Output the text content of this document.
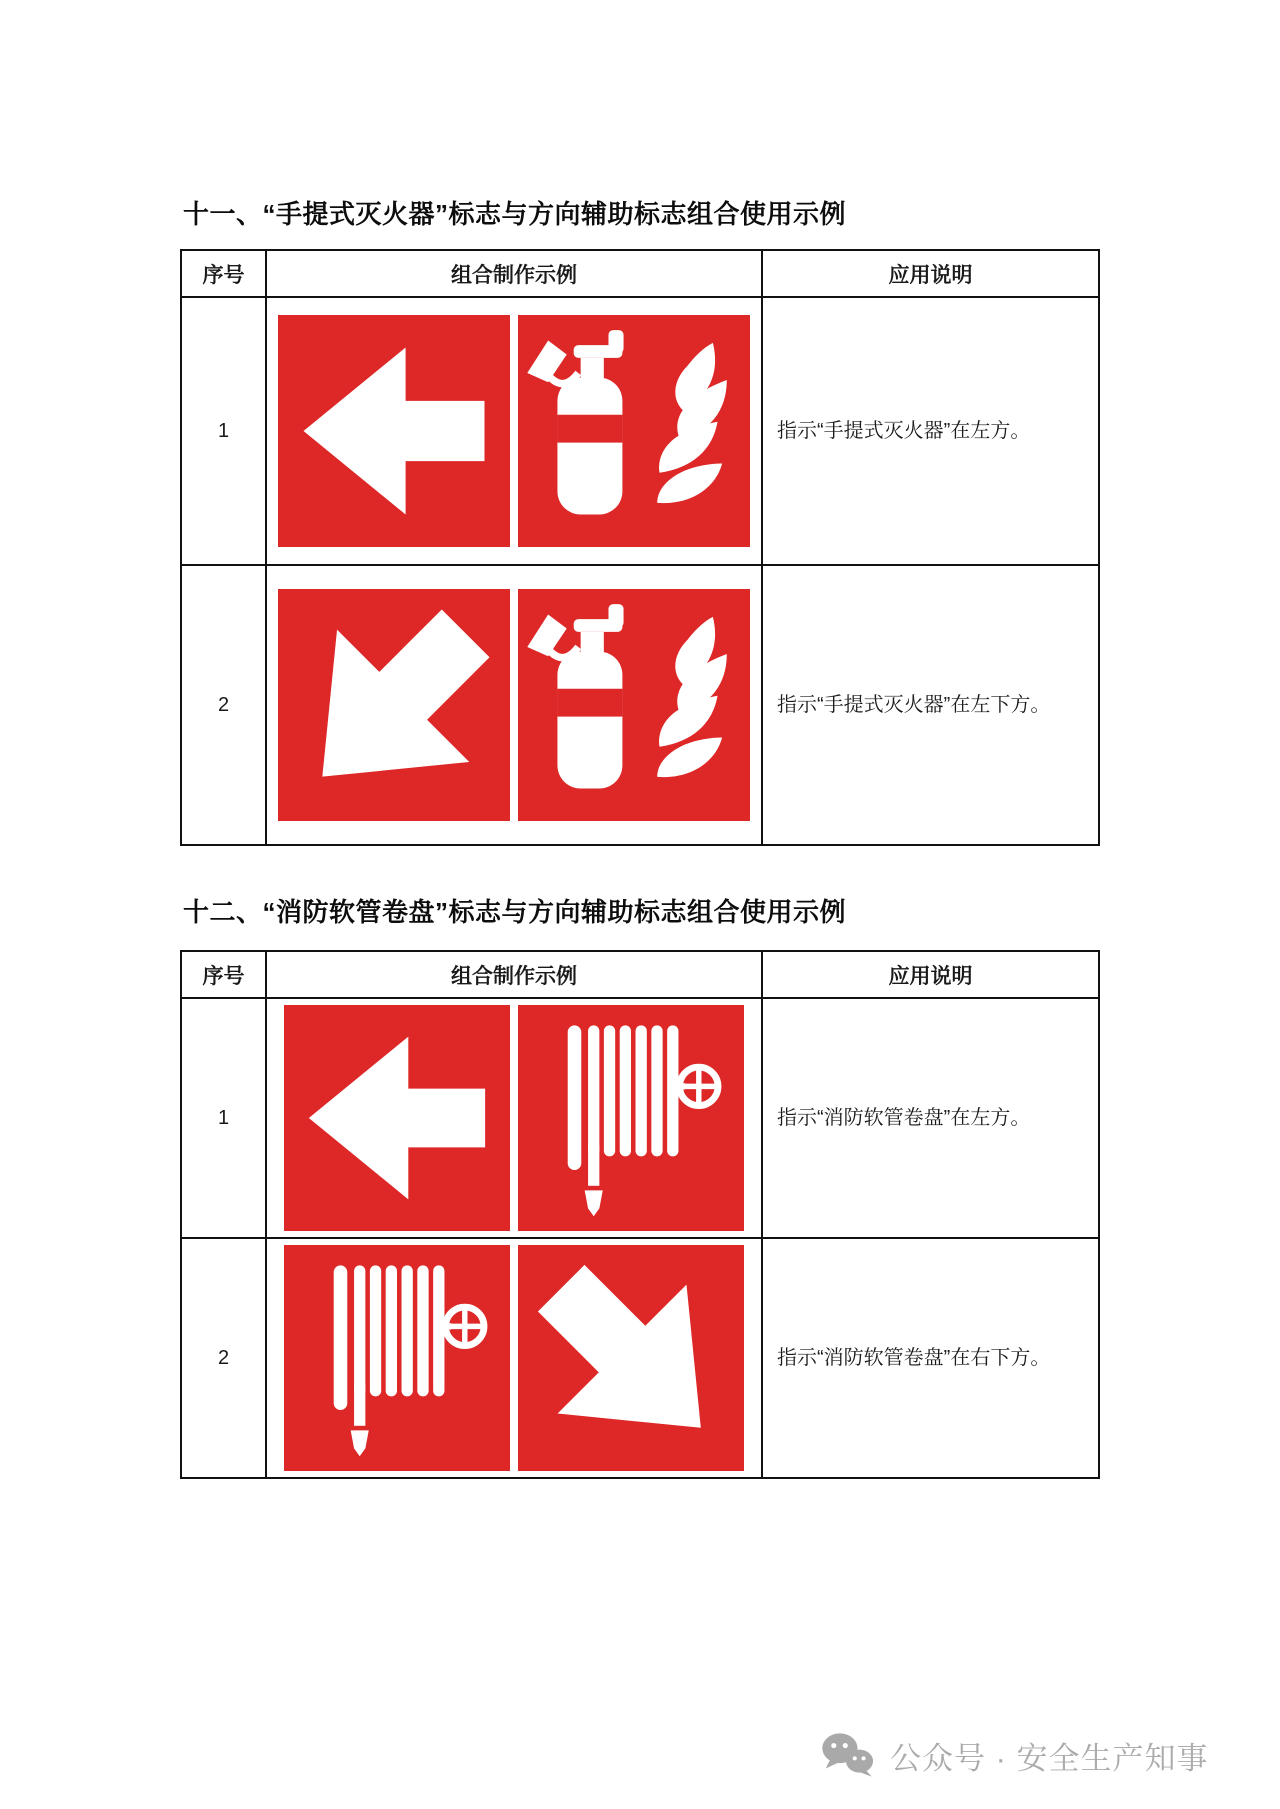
十一、“手提式灭火器”标志与方向辅助标志组合使用示例
序号	组合制作示例	应用说明
1		指示“手提式灭火器”在左方。
2		指示“手提式灭火器”在左下方。
十二、“消防软管卷盘”标志与方向辅助标志组合使用示例
序号	组合制作示例	应用说明
1		指示“消防软管卷盘”在左方。
2		指示“消防软管卷盘”在右下方。
公众号 · 安全生产知事
